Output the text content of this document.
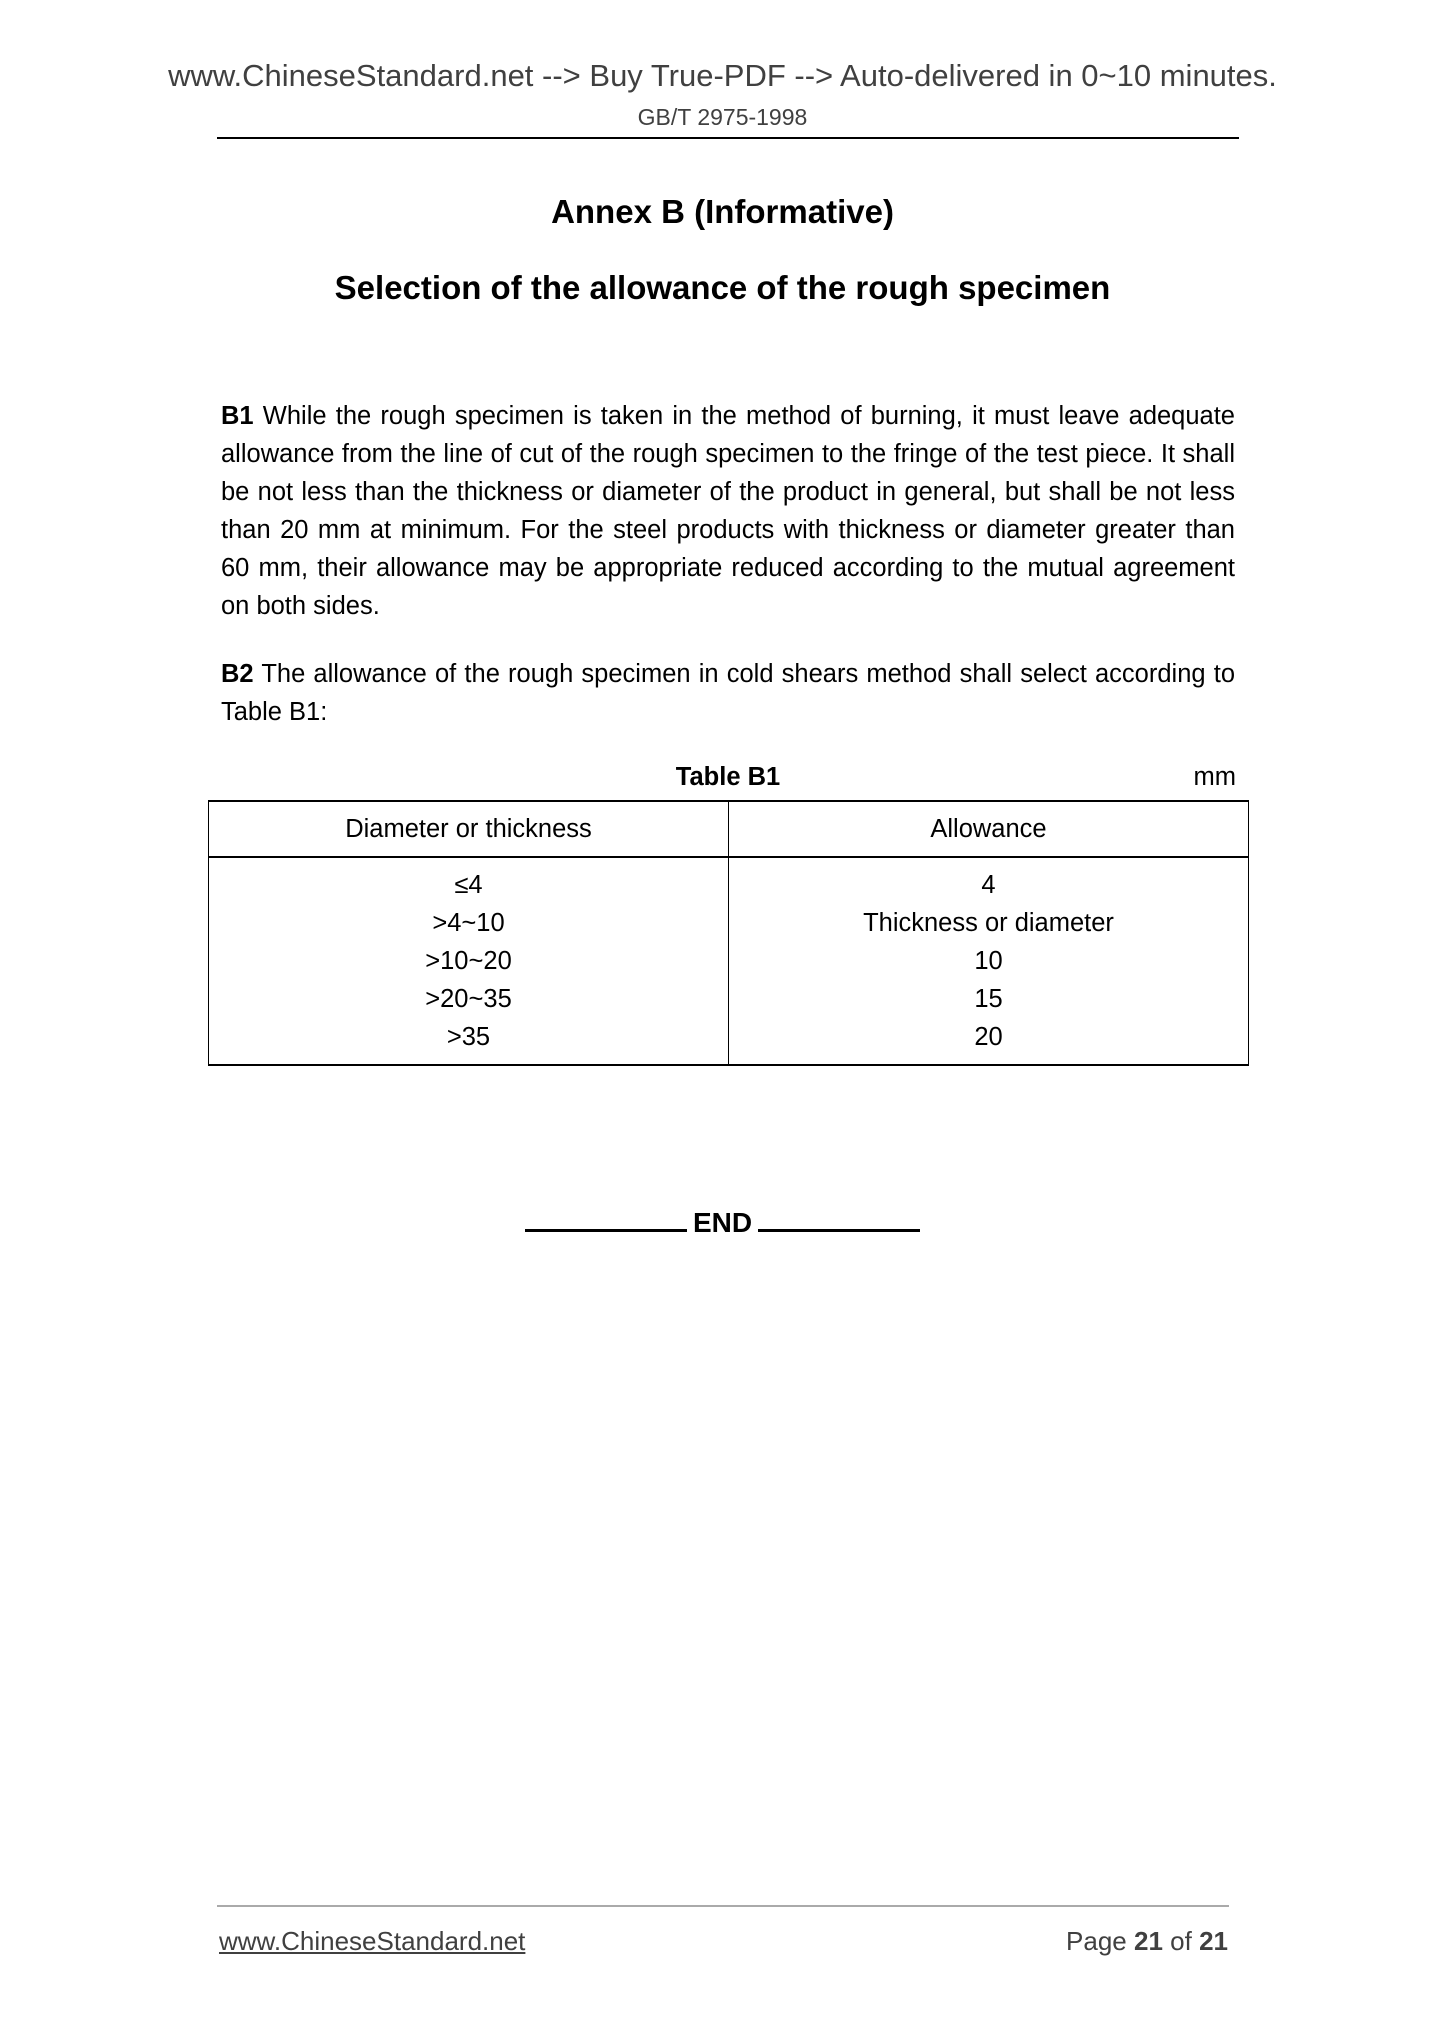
www.ChineseStandard.net --> Buy True-PDF --> Auto-delivered in 0~10 minutes.
GB/T 2975-1998
Annex B (Informative)
Selection of the allowance of the rough specimen
B1 While the rough specimen is taken in the method of burning, it must leave adequate allowance from the line of cut of the rough specimen to the fringe of the test piece. It shall be not less than the thickness or diameter of the product in general, but shall be not less than 20 mm at minimum. For the steel products with thickness or diameter greater than 60 mm, their allowance may be appropriate reduced according to the mutual agreement on both sides.
B2 The allowance of the rough specimen in cold shears method shall select according to Table B1:
Table B1	mm
Diameter or thickness	Allowance
≤4	4
>4~10	Thickness or diameter
>10~20	10
>20~35	15
>35	20
END
www.ChineseStandard.net	Page 21 of 21
